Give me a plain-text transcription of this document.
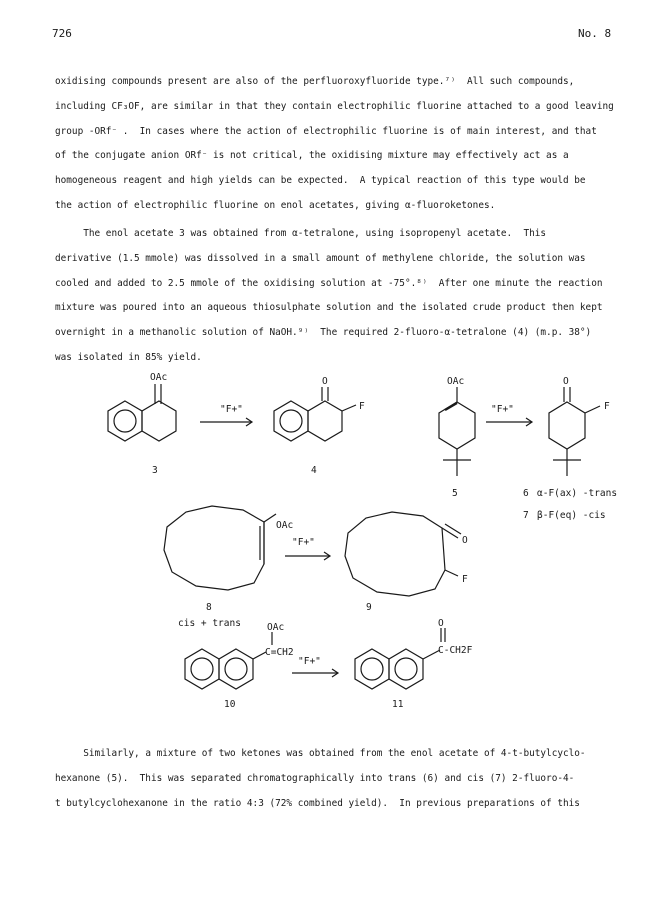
726	No. 8
oxidising compounds present are also of the perfluoroxyfluoride type.⁷⁾  All such compounds,
including CF₃OF, are similar in that they contain electrophilic fluorine attached to a good leaving
group -ORf⁻ .  In cases where the action of electrophilic fluorine is of main interest, and that
of the conjugate anion ORf⁻ is not critical, the oxidising mixture may effectively act as a
homogeneous reagent and high yields can be expected.  A typical reaction of this type would be
the action of electrophilic fluorine on enol acetates, giving α-fluoroketones.
The enol acetate 3 was obtained from α-tetralone, using isopropenyl acetate.  This
derivative (1.5 mmole) was dissolved in a small amount of methylene chloride, the solution was
cooled and added to 2.5 mmole of the oxidising solution at -75°.⁸⁾  After one minute the reaction
mixture was poured into an aqueous thiosulphate solution and the isolated crude product then kept
overnight in a methanolic solution of NaOH.⁹⁾  The required 2-fluoro-α-tetralone (4) (m.p. 38°)
was isolated in 85% yield.
OAc
"F+"
3
O
F
4
OAc
"F+"
5
O
F
6 α-F(ax) -trans
7 β-F(eq) -cis
OAc
"F+"
8
cis + trans
O
F
9
OAc
C=CH2
"F+"
10
O
C-CH2F
11
Similarly, a mixture of two ketones was obtained from the enol acetate of 4-t-butylcyclo-
hexanone (5).  This was separated chromatographically into trans (6) and cis (7) 2-fluoro-4-
t butylcyclohexanone in the ratio 4:3 (72% combined yield).  In previous preparations of this
